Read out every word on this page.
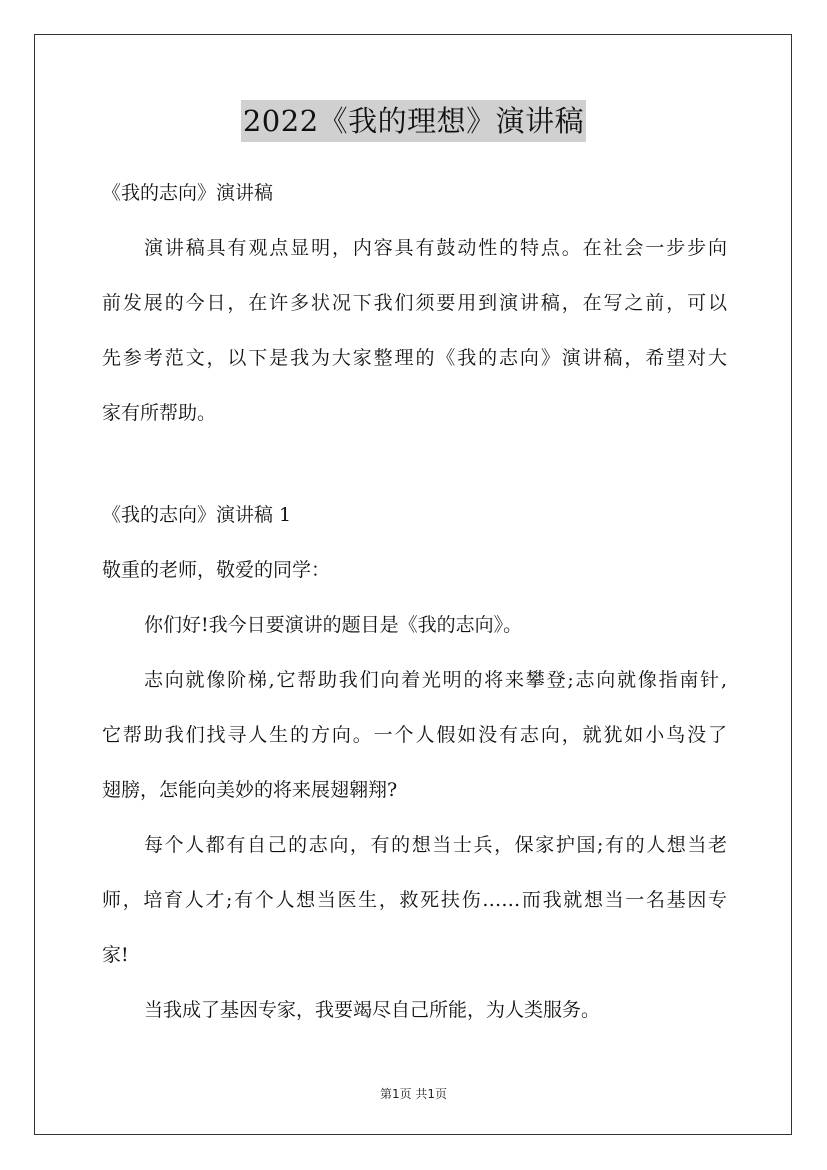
2022《我的理想》演讲稿
《我的志向》演讲稿
演讲稿具有观点显明，内容具有鼓动性的特点。在社会一步步向
前发展的今日，在许多状况下我们须要用到演讲稿，在写之前，可以
先参考范文，以下是我为大家整理的《我的志向》演讲稿，希望对大
家有所帮助。
《我的志向》演讲稿 1
敬重的老师，敬爱的同学：
你们好!我今日要演讲的题目是《我的志向》。
志向就像阶梯,它帮助我们向着光明的将来攀登;志向就像指南针,
它帮助我们找寻人生的方向。一个人假如没有志向，就犹如小鸟没了
翅膀，怎能向美妙的将来展翅翱翔?
每个人都有自己的志向，有的想当士兵，保家护国;有的人想当老
师，培育人才;有个人想当医生，救死扶伤……而我就想当一名基因专
家!
当我成了基因专家，我要竭尽自己所能，为人类服务。
第1页 共1页
